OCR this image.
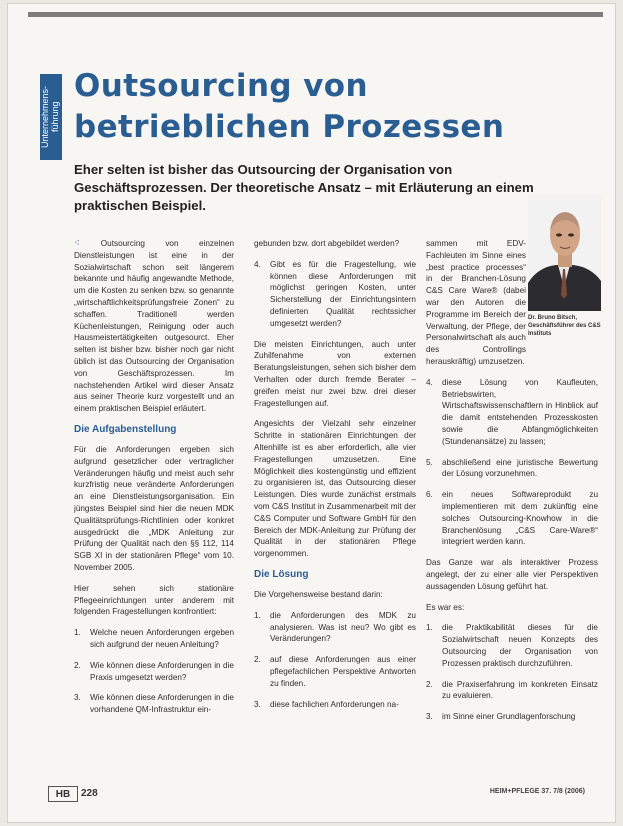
Unternehmens-führung
Outsourcing von
betrieblichen Prozessen

Eher selten ist bisher das Outsourcing der Organisation von Geschäftsprozessen. Der theoretische Ansatz – mit Erläuterung an einem praktischen Beispiel.

⁖ Outsourcing von einzelnen Dienstleistungen ist eine in der Sozialwirtschaft schon seit längerem bekannte und häufig angewandte Methode, um die Kosten zu senken bzw. so genannte „wirtschaftlichkeitsprüfungsfreie Zonen“ zu schaffen. Traditionell werden Küchenleistungen, Reinigung oder auch Hausmeistertätigkeiten outgesourct. Eher selten ist bisher bzw. bisher noch gar nicht üblich ist das Outsourcing der Organisation von Geschäftsprozessen. Im nachstehenden Artikel wird dieser Ansatz aus seiner Theorie kurz vorgestellt und an einem praktischen Beispiel erläutert.

Die Aufgabenstellung

Für die Anforderungen ergeben sich aufgrund gesetzlicher oder vertraglicher Veränderungen häufig und meist auch sehr kurzfristig neue veränderte Anforderungen an eine Dienstleistungsorganisation. Ein jüngstes Beispiel sind hier die neuen MDK Qualitätsprüfungs-Richtlinien oder konkret ausgedrückt die „MDK Anleitung zur Prüfung der Qualität nach den §§ 112, 114 SGB XI in der stationären Pflege“ vom 10. November 2005.

Hier sehen sich stationäre Pflegeeinrichtungen unter anderem mit folgenden Fragestellungen konfrontiert:

1.	Welche neuen Anforderungen ergeben sich aufgrund der neuen Anleitung?
2.	Wie können diese Anforderungen in die Praxis umgesetzt werden?
3.	Wie können diese Anforderungen in die vorhandene QM-Infrastruktur ein-

gebunden bzw. dort abgebildet werden?

4.	Gibt es für die Fragestellung, wie können diese Anforderungen mit möglichst geringen Kosten, unter Sicherstellung der Einrichtungsintern definierten Qualität rechtssicher umgesetzt werden?

Die meisten Einrichtungen, auch unter Zuhilfenahme von externen Beratungsleistungen, sehen sich bisher dem Verhalten oder durch fremde Berater – greifen meist nur zwei bzw. drei dieser Fragestellungen auf.

Angesichts der Vielzahl sehr einzelner Schritte in stationären Einrichtungen der Altenhilfe ist es aber erforderlich, alle vier Fragestellungen umzusetzen. Eine Möglichkeit dies kostengünstig und effizient zu organisieren ist, das Outsourcing dieser Leistungen. Dies wurde zunächst erstmals vom C&S Institut in Zusammenarbeit mit der C&S Computer und Software GmbH für den Bereich der MDK-Anleitung zur Prüfung der Qualität in der stationären Pflege vorgenommen.

Die Lösung

Die Vorgehensweise bestand darin:

1.	die Anforderungen des MDK zu analysieren. Was ist neu? Wo gibt es Veränderungen?
2.	auf diese Anforderungen aus einer pflegefachlichen Perspektive Antworten zu finden.
3.	diese fachlichen Anforderungen na-
Dr. Bruno Bitsch, Geschäftsführer des C&S Instituts

sammen mit EDV-Fachleuten im Sinne eines „best practice processes“ in der Branchen-Lösung C&S Care Ware® (dabei war den Autoren die Programme im Bereich der Verwaltung, der Pflege, der Personalwirtschaft als auch des Controllings herauskräftig) umzusetzen.

4.	diese Lösung von Kaufleuten, Betriebswirten, Wirtschaftswissenschaftlern in Hinblick auf die damit entstehenden Prozesskosten sowie die Abfangmöglichkeiten (Stundenansätze) zu lassen;
5.	abschließend eine juristische Bewertung der Lösung vorzunehmen.
6.	ein neues Softwareprodukt zu implementieren mit dem zukünftig eine solches Outsourcing-Knowhow in die Branchenlösung „C&S Care-Ware®“ integriert werden kann.

Das Ganze war als interaktiver Prozess angelegt, der zu einer alle vier Perspektiven aussagenden Lösung geführt hat.

Es war es:

1.	die Praktikabilität dieses für die Sozialwirtschaft neuen Konzepts des Outsourcing der Organisation von Prozessen praktisch durchzuführen.
2.	die Praxiserfahrung im konkreten Einsatz zu evaluieren.
3.	im Sinne einer Grundlagenforschung
HB	228	HEIM+PFLEGE 37. 7/8 (2006)
